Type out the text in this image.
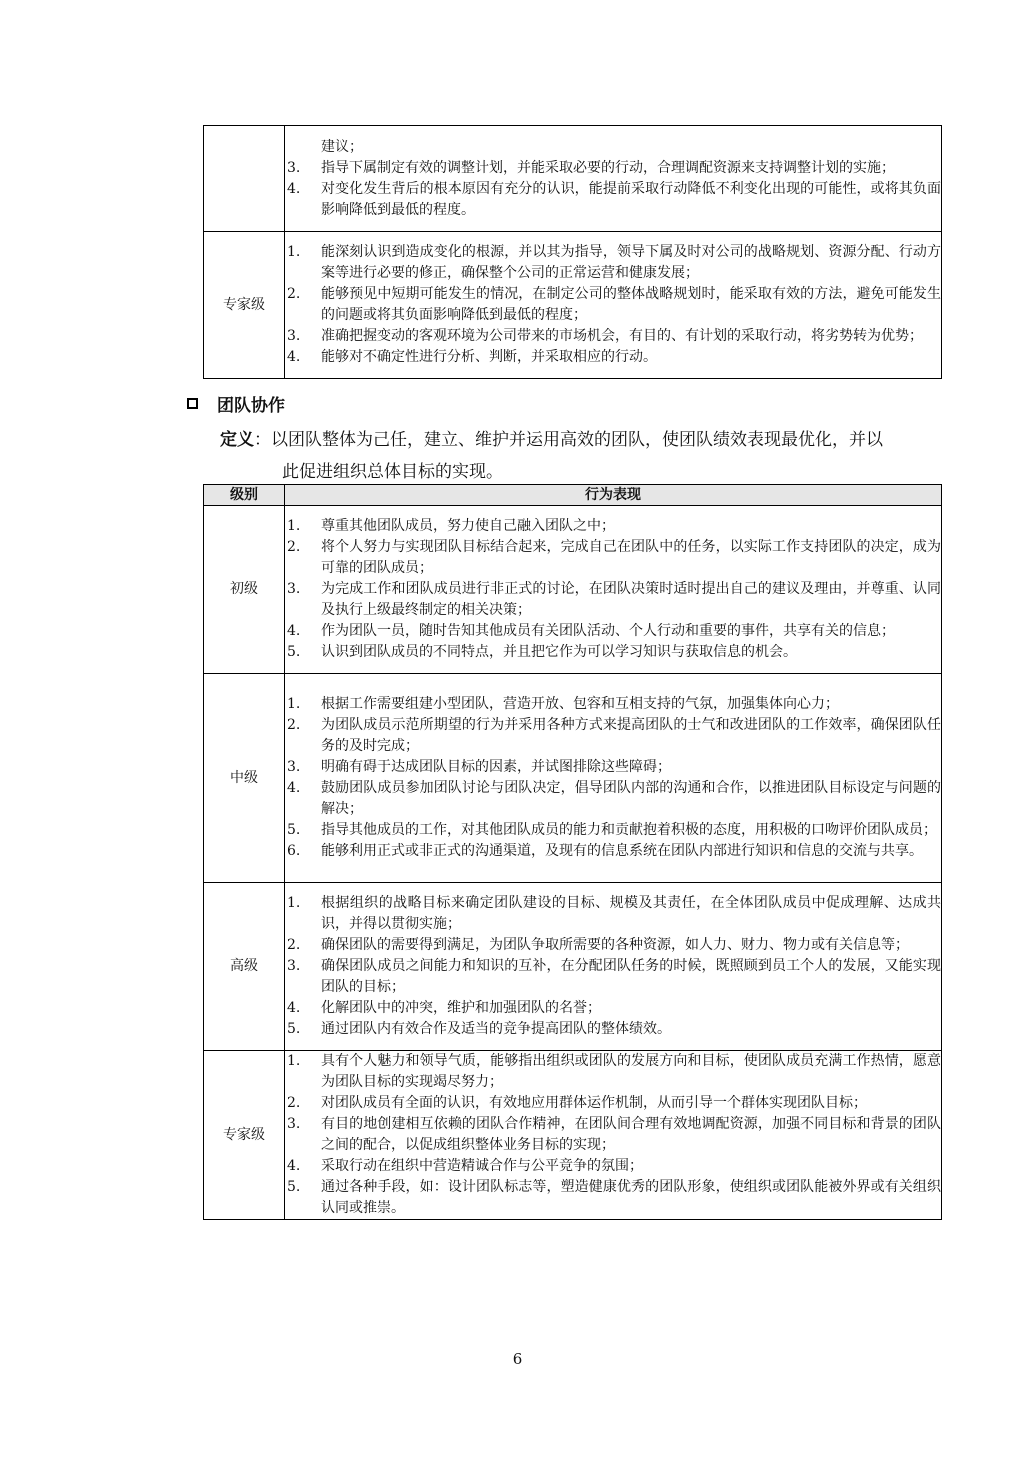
	建议；
3. 指导下属制定有效的调整计划，并能采取必要的行动，合理调配资源来支持调整计划的实施；
4. 对变化发生背后的根本原因有充分的认识，能提前采取行动降低不利变化出现的可能性，或将其负面影响降低到最低的程度。

专家级	
1.	能深刻认识到造成变化的根源，并以其为指导，领导下属及时对公司的战略规划、资源分配、行动方案等进行必要的修正，确保整个公司的正常运营和健康发展；
2.	能够预见中短期可能发生的情况，在制定公司的整体战略规划时，能采取有效的方法，避免可能发生的问题或将其负面影响降低到最低的程度；
3.	准确把握变动的客观环境为公司带来的市场机会，有目的、有计划的采取行动，将劣势转为优势；
4.	能够对不确定性进行分析、判断，并采取相应的行动。
团队协作
定义：以团队整体为己任，建立、维护并运用高效的团队，使团队绩效表现最优化，并以
此促进组织总体目标的实现。
级别	行为表现
初级	
1.	尊重其他团队成员，努力使自己融入团队之中；
2.	将个人努力与实现团队目标结合起来，完成自己在团队中的任务，以实际工作支持团队的决定，成为可靠的团队成员；
3.	为完成工作和团队成员进行非正式的讨论，在团队决策时适时提出自己的建议及理由，并尊重、认同及执行上级最终制定的相关决策；
4.	作为团队一员，随时告知其他成员有关团队活动、个人行动和重要的事件，共享有关的信息；
5.	认识到团队成员的不同特点，并且把它作为可以学习知识与获取信息的机会。

中级	
1.	根据工作需要组建小型团队，营造开放、包容和互相支持的气氛，加强集体向心力；
2.	为团队成员示范所期望的行为并采用各种方式来提高团队的士气和改进团队的工作效率，确保团队任务的及时完成；
3.	明确有碍于达成团队目标的因素，并试图排除这些障碍；
4.	鼓励团队成员参加团队讨论与团队决定，倡导团队内部的沟通和合作，以推进团队目标设定与问题的解决；
5.	指导其他成员的工作，对其他团队成员的能力和贡献抱着积极的态度，用积极的口吻评价团队成员；
6.	能够利用正式或非正式的沟通渠道，及现有的信息系统在团队内部进行知识和信息的交流与共享。

高级	
1.	根据组织的战略目标来确定团队建设的目标、规模及其责任，在全体团队成员中促成理解、达成共识，并得以贯彻实施；
2.	确保团队的需要得到满足，为团队争取所需要的各种资源，如人力、财力、物力或有关信息等；
3.	确保团队成员之间能力和知识的互补，在分配团队任务的时候，既照顾到员工个人的发展，又能实现团队的目标；
4.	化解团队中的冲突，维护和加强团队的名誉；
5.	通过团队内有效合作及适当的竞争提高团队的整体绩效。

专家级	
1.	具有个人魅力和领导气质，能够指出组织或团队的发展方向和目标，使团队成员充满工作热情，愿意为团队目标的实现竭尽努力；
2.	对团队成员有全面的认识，有效地应用群体运作机制，从而引导一个群体实现团队目标；
3.	有目的地创建相互依赖的团队合作精神，在团队间合理有效地调配资源，加强不同目标和背景的团队之间的配合，以促成组织整体业务目标的实现；
4.	采取行动在组织中营造精诚合作与公平竞争的氛围；
5.	通过各种手段，如：设计团队标志等，塑造健康优秀的团队形象，使组织或团队能被外界或有关组织认同或推崇。
6
